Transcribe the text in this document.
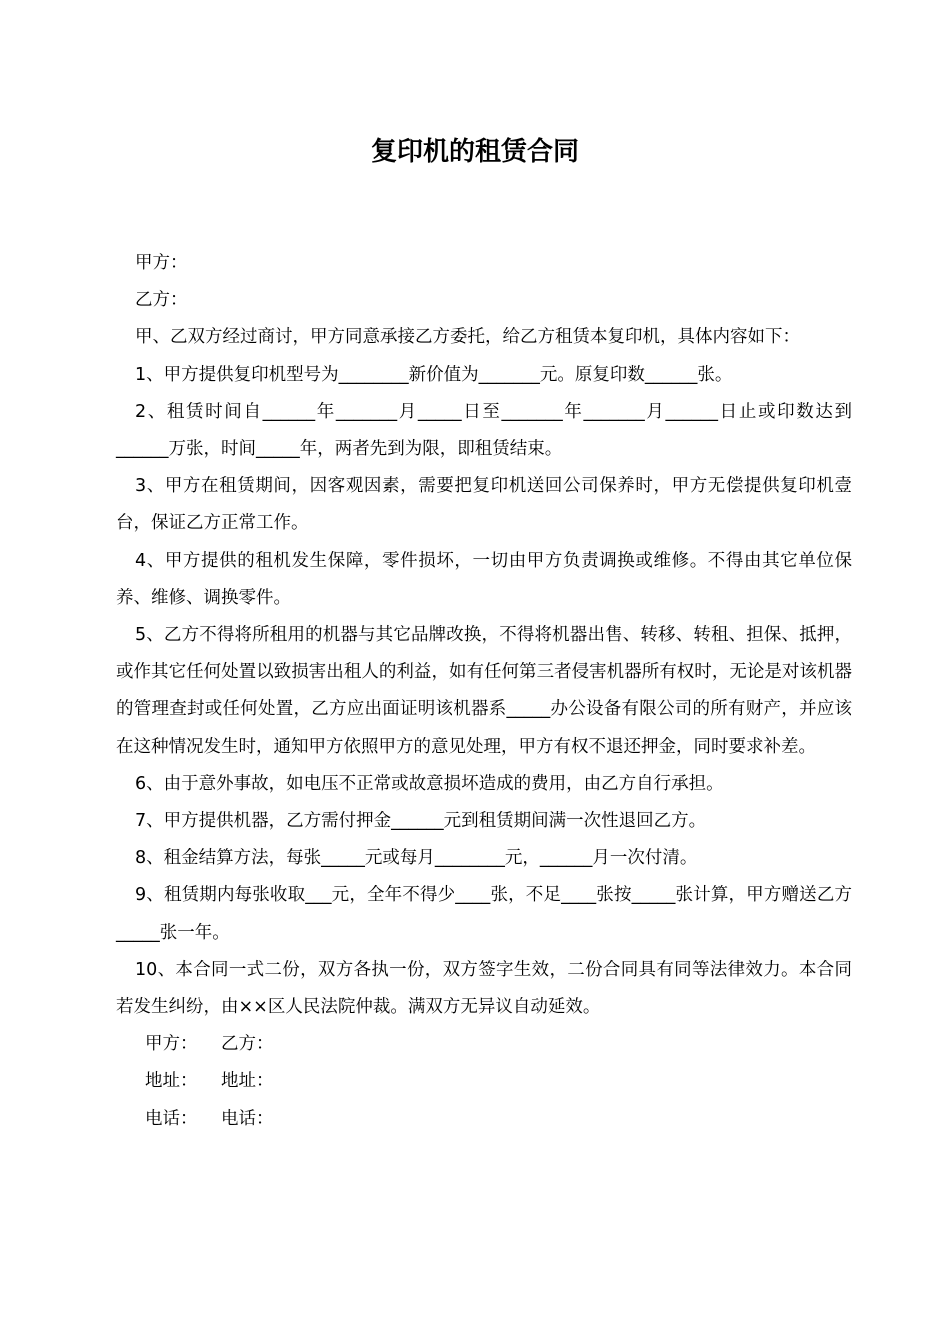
复印机的租赁合同

甲方：

乙方：

甲、乙双方经过商讨，甲方同意承接乙方委托，给乙方租赁本复印机，具体内容如下：

1、甲方提供复印机型号为________新价值为_______元。原复印数______张。

2、租赁时间自______年_______月_____日至_______年_______月______日止或印数达到______万张，时间_____年，两者先到为限，即租赁结束。

3、甲方在租赁期间，因客观因素，需要把复印机送回公司保养时，甲方无偿提供复印机壹台，保证乙方正常工作。

4、甲方提供的租机发生保障，零件损坏，一切由甲方负责调换或维修。不得由其它单位保养、维修、调换零件。

5、乙方不得将所租用的机器与其它品牌改换，不得将机器出售、转移、转租、担保、抵押，或作其它任何处置以致损害出租人的利益，如有任何第三者侵害机器所有权时，无论是对该机器的管理查封或任何处置，乙方应出面证明该机器系_____办公设备有限公司的所有财产，并应该在这种情况发生时，通知甲方依照甲方的意见处理，甲方有权不退还押金，同时要求补差。

6、由于意外事故，如电压不正常或故意损坏造成的费用，由乙方自行承担。

7、甲方提供机器，乙方需付押金______元到租赁期间满一次性退回乙方。

8、租金结算方法，每张_____元或每月________元，______月一次付清。

9、租赁期内每张收取___元，全年不得少____张，不足____张按_____张计算，甲方赠送乙方_____张一年。

10、本合同一式二份，双方各执一份，双方签字生效，二份合同具有同等法律效力。本合同若发生纠纷，由××区人民法院仲裁。满双方无异议自动延效。

甲方： 乙方：
地址： 地址：
电话： 电话：
